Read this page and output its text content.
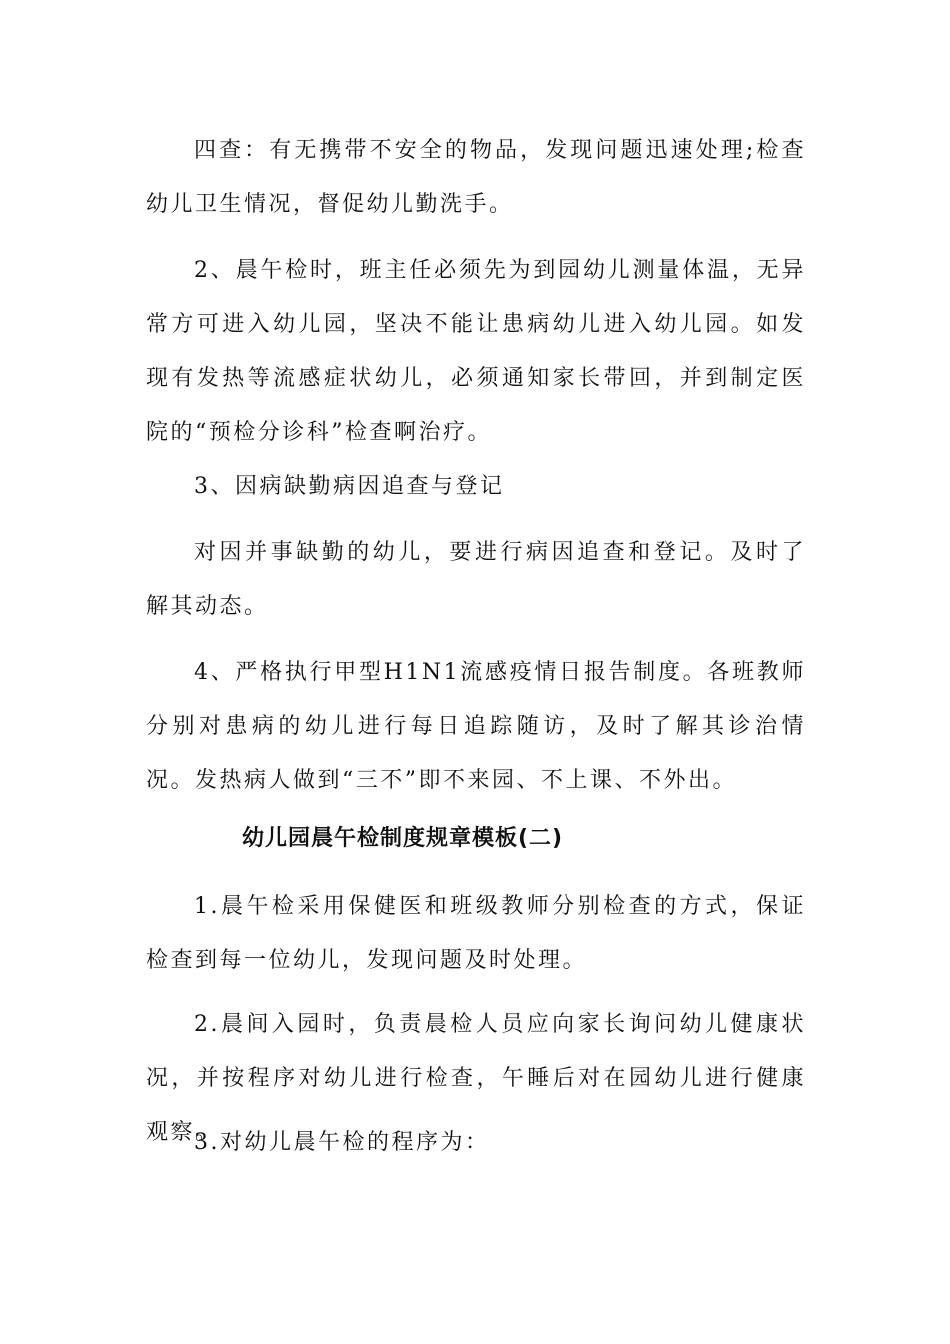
四查：有无携带不安全的物品，发现问题迅速处理;检查幼儿卫生情况，督促幼儿勤洗手。

2、晨午检时，班主任必须先为到园幼儿测量体温，无异常方可进入幼儿园，坚决不能让患病幼儿进入幼儿园。如发现有发热等流感症状幼儿，必须通知家长带回，并到制定医院的“预检分诊科”检查啊治疗。

3、因病缺勤病因追查与登记

对因并事缺勤的幼儿，要进行病因追查和登记。及时了解其动态。

4、严格执行甲型H1N1流感疫情日报告制度。各班教师分别对患病的幼儿进行每日追踪随访，及时了解其诊治情况。发热病人做到“三不”即不来园、不上课、不外出。

幼儿园晨午检制度规章模板(二)

1.晨午检采用保健医和班级教师分别检查的方式，保证检查到每一位幼儿，发现问题及时处理。

2.晨间入园时，负责晨检人员应向家长询问幼儿健康状况，并按程序对幼儿进行检查，午睡后对在园幼儿进行健康观察。

3.对幼儿晨午检的程序为：
